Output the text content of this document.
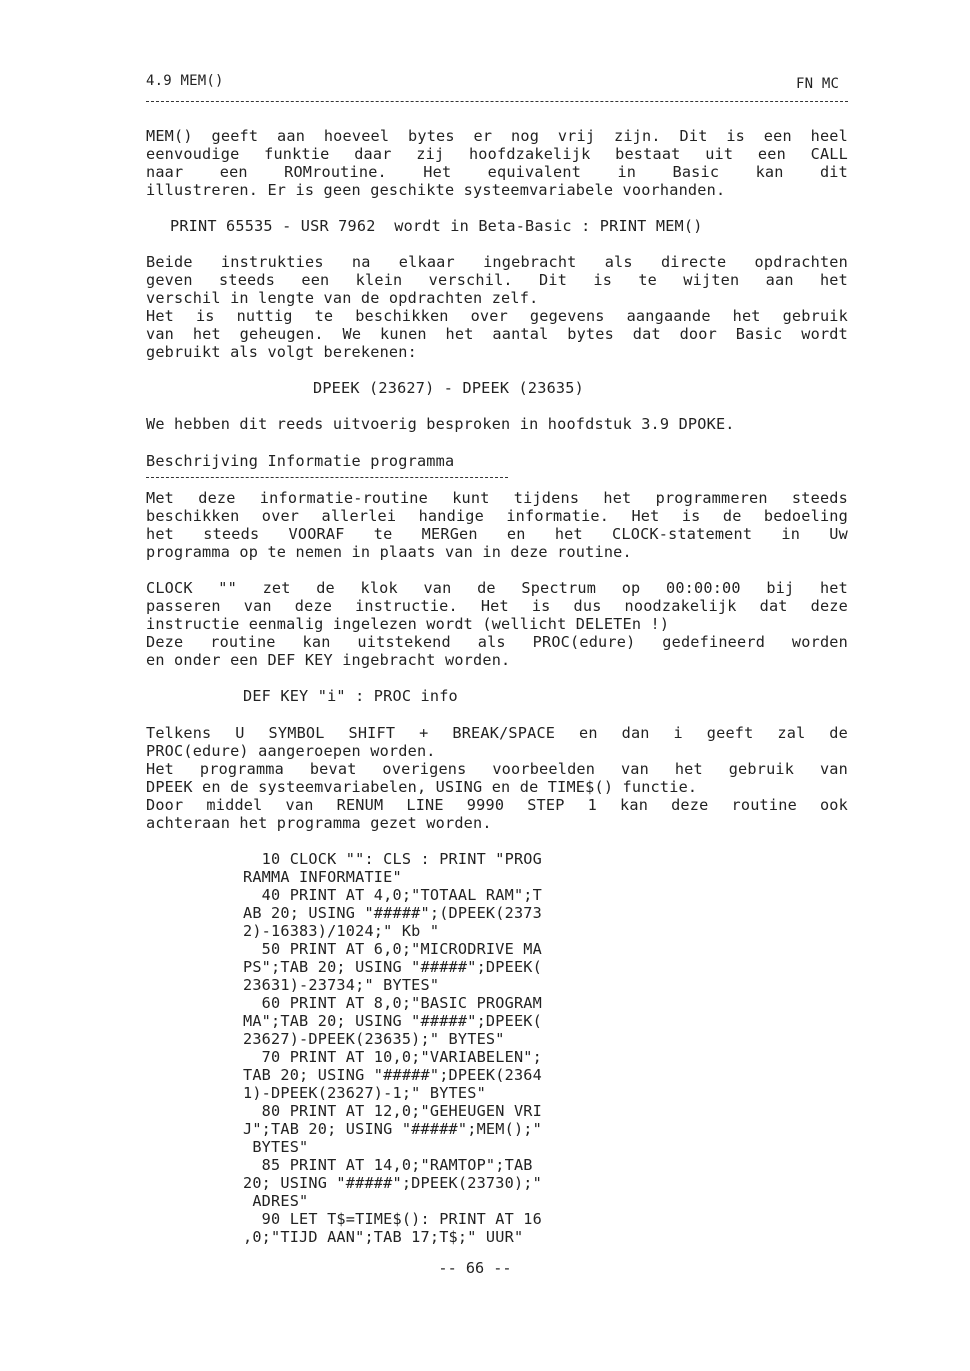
4.9 MEM()	FN MC
MEM() geeft aan hoeveel bytes er nog vrij zijn. Dit is een heel
eenvoudige funktie daar zij hoofdzakelijk bestaat uit een CALL
naar een ROMroutine. Het equivalent in Basic kan dit
illustreren. Er is geen geschikte systeemvariabele voorhanden.
PRINT 65535 - USR 7962  wordt in Beta-Basic : PRINT MEM()
Beide instrukties na elkaar ingebracht als directe opdrachten
geven steeds een klein verschil. Dit is te wijten aan het
verschil in lengte van de opdrachten zelf.
Het is nuttig te beschikken over gegevens aangaande het gebruik
van het geheugen. We kunen het aantal bytes dat door Basic wordt
gebruikt als volgt berekenen:
DPEEK (23627) - DPEEK (23635)
We hebben dit reeds uitvoerig besproken in hoofdstuk 3.9 DPOKE.
Beschrijving Informatie programma
Met deze informatie-routine kunt tijdens het programmeren steeds
beschikken over allerlei handige informatie. Het is de bedoeling
het steeds VOORAF te MERGen en het CLOCK-statement in Uw
programma op te nemen in plaats van in deze routine.
CLOCK "" zet de klok van de Spectrum op 00:00:00 bij het
passeren van deze instructie. Het is dus noodzakelijk dat deze
instructie eenmalig ingelezen wordt (wellicht DELETEn !)
Deze routine kan uitstekend als PROC(edure) gedefineerd worden
en onder een DEF KEY ingebracht worden.
DEF KEY "i" : PROC info
Telkens U SYMBOL SHIFT + BREAK/SPACE en dan i geeft zal de
PROC(edure) aangeroepen worden.
Het programma bevat overigens voorbeelden van het gebruik van
DPEEK en de systeemvariabelen, USING en de TIME$() functie.
Door middel van RENUM LINE 9990 STEP 1 kan deze routine ook
achteraan het programma gezet worden.
10 CLOCK "": CLS : PRINT "PROG
RAMMA INFORMATIE"
40 PRINT AT 4,0;"TOTAAL RAM";T
AB 20; USING "#####";(DPEEK(2373
2)-16383)/1024;" Kb "
50 PRINT AT 6,0;"MICRODRIVE MA
PS";TAB 20; USING "#####";DPEEK(
23631)-23734;" BYTES"
60 PRINT AT 8,0;"BASIC PROGRAM
MA";TAB 20; USING "#####";DPEEK(
23627)-DPEEK(23635);" BYTES"
70 PRINT AT 10,0;"VARIABELEN";
TAB 20; USING "#####";DPEEK(2364
1)-DPEEK(23627)-1;" BYTES"
80 PRINT AT 12,0;"GEHEUGEN VRI
J";TAB 20; USING "#####";MEM();"
BYTES"
85 PRINT AT 14,0;"RAMTOP";TAB
20; USING "#####";DPEEK(23730);"
ADRES"
90 LET T$=TIME$(): PRINT AT 16
,0;"TIJD AAN";TAB 17;T$;" UUR"
-- 66 --
